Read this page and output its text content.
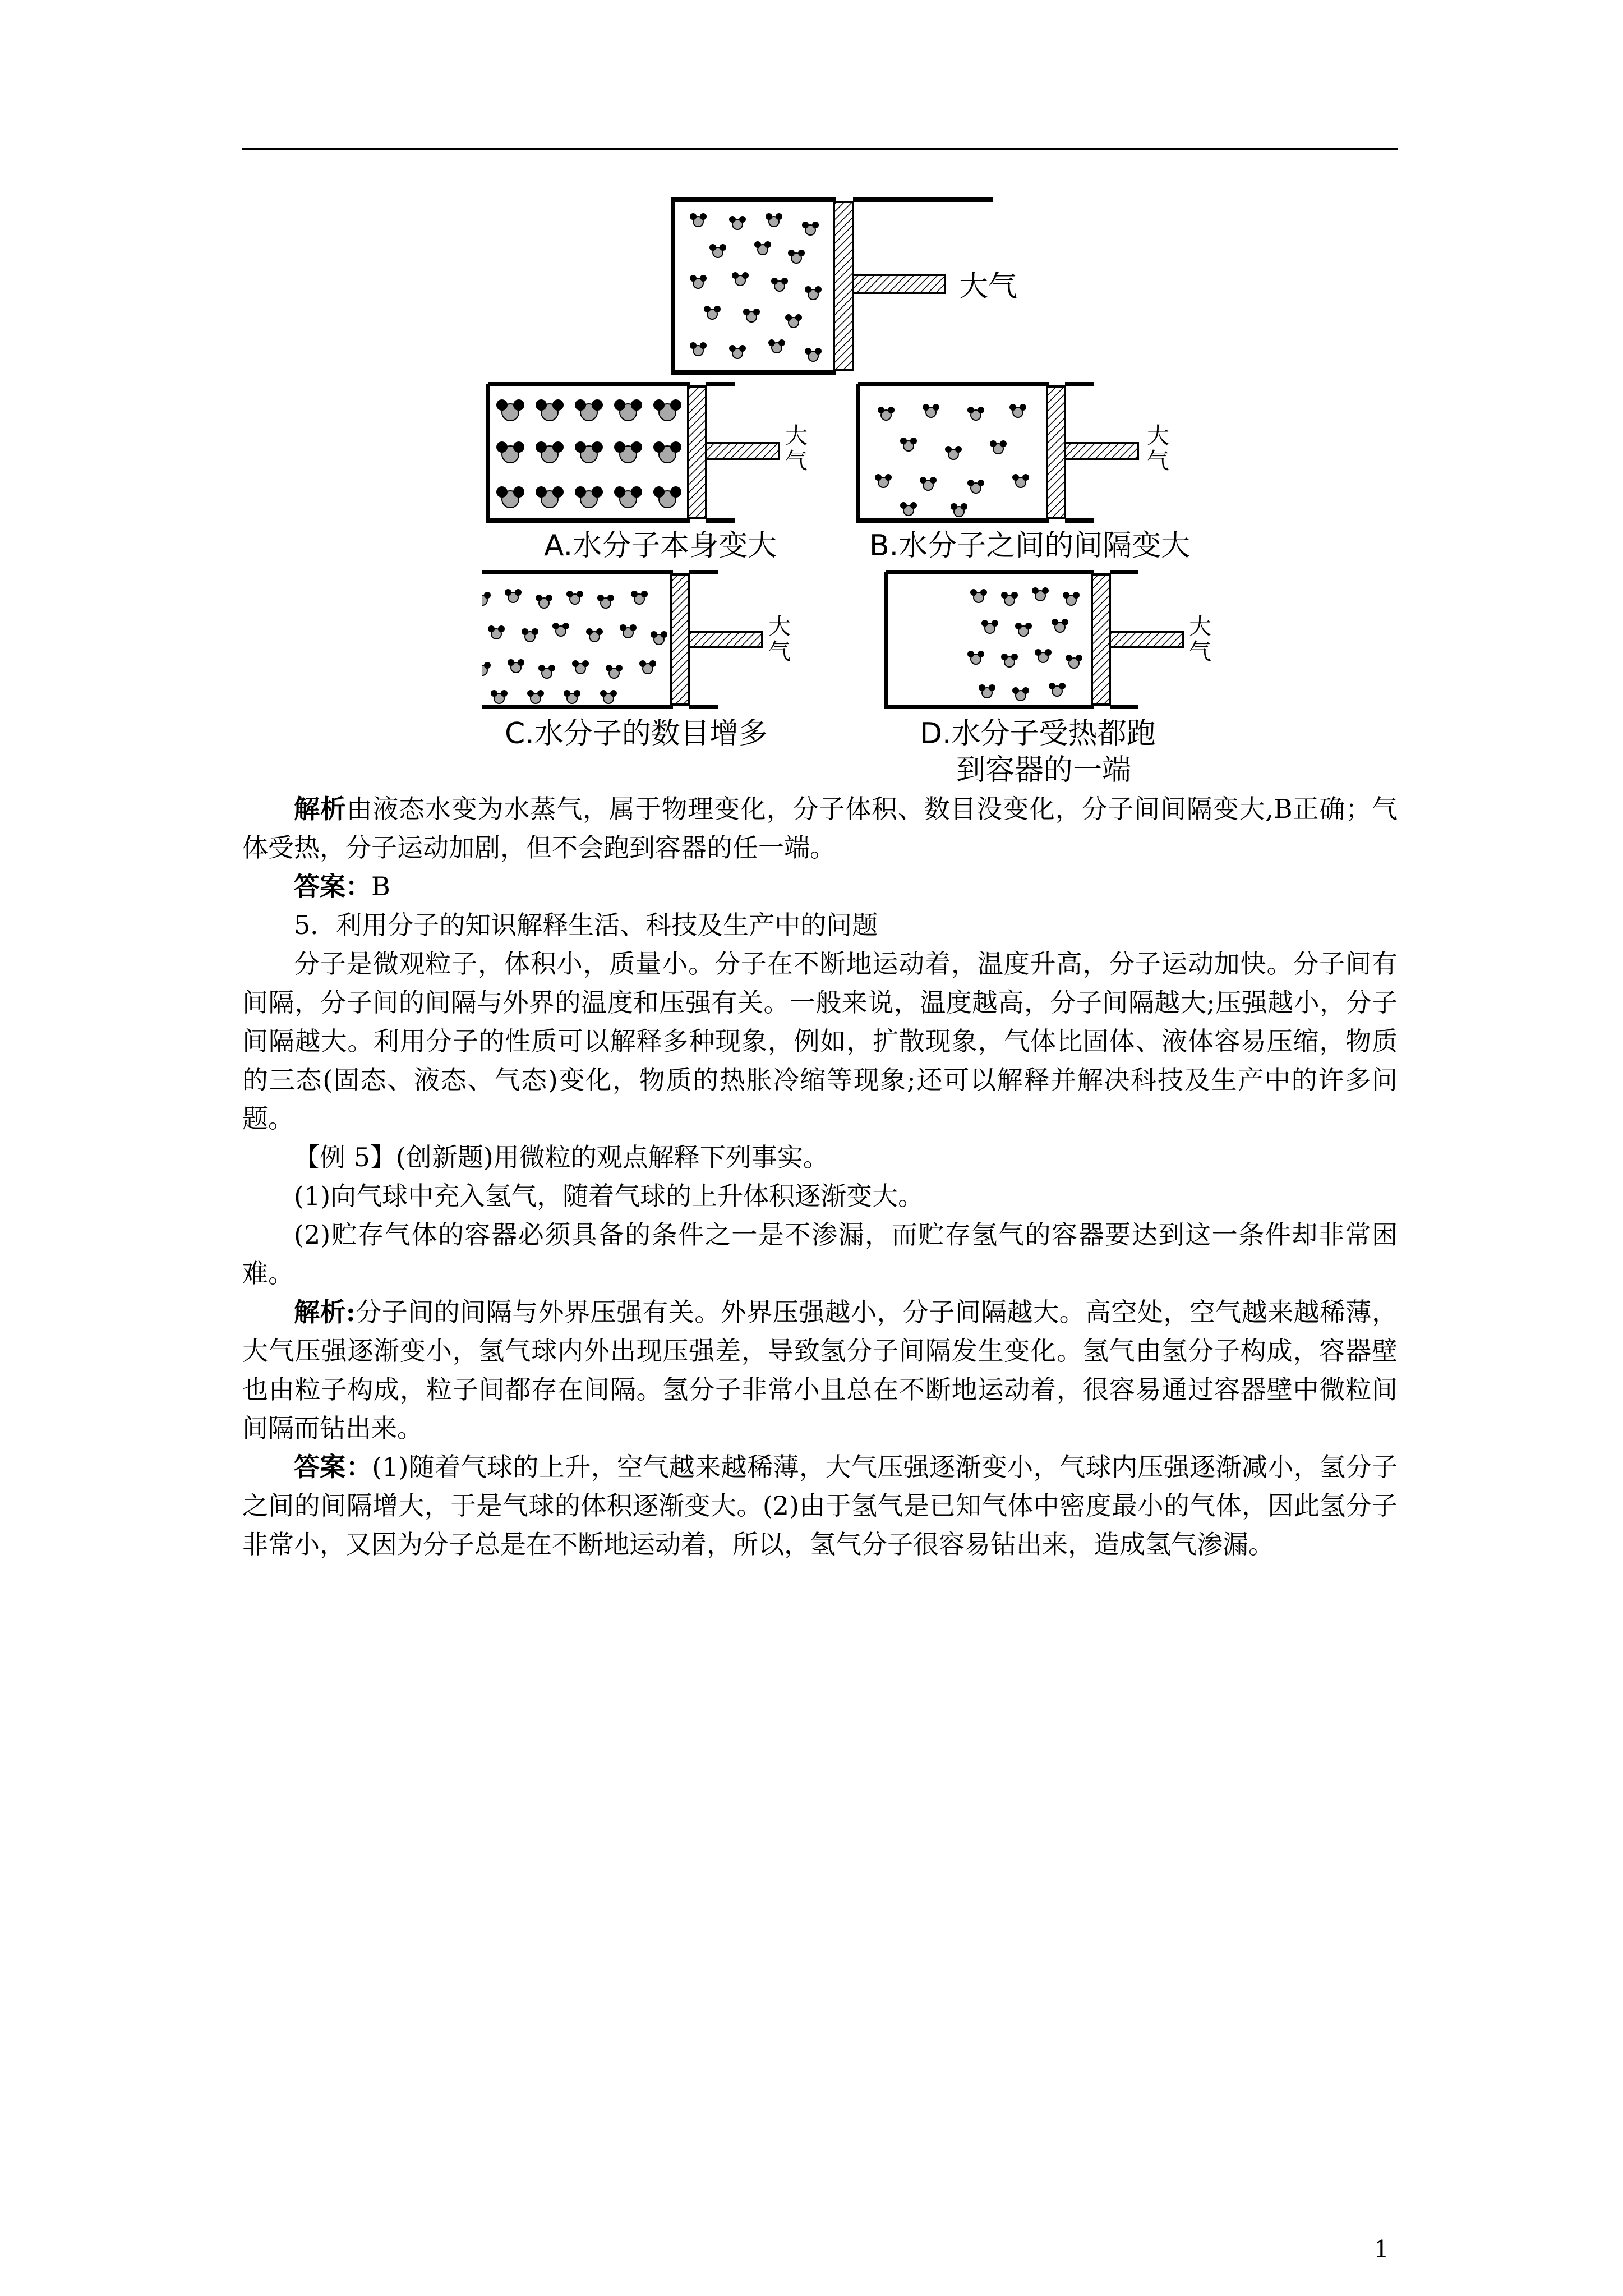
大气
大
气
A.水分子本身变大
大
气
B.水分子之间的间隔变大
大
气
C.水分子的数目增多
大
气
D.水分子受热都跑
到容器的一端

解析由液态水变为水蒸气，属于物理变化，分子体积、数目没变化，分子间间隔变大,B正确；气体受热，分子运动加剧，但不会跑到容器的任一端。

答案：B

5．利用分子的知识解释生活、科技及生产中的问题

分子是微观粒子，体积小，质量小。分子在不断地运动着，温度升高，分子运动加快。分子间有间隔，分子间的间隔与外界的温度和压强有关。一般来说，温度越高，分子间隔越大;压强越小，分子间隔越大。利用分子的性质可以解释多种现象，例如，扩散现象，气体比固体、液体容易压缩，物质的三态(固态、液态、气态)变化，物质的热胀冷缩等现象;还可以解释并解决科技及生产中的许多问题。

【例 5】(创新题)用微粒的观点解释下列事实。

(1)向气球中充入氢气，随着气球的上升体积逐渐变大。

(2)贮存气体的容器必须具备的条件之一是不渗漏，而贮存氢气的容器要达到这一条件却非常困难。

解析:分子间的间隔与外界压强有关。外界压强越小，分子间隔越大。高空处，空气越来越稀薄，大气压强逐渐变小，氢气球内外出现压强差，导致氢分子间隔发生变化。氢气由氢分子构成，容器壁也由粒子构成，粒子间都存在间隔。氢分子非常小且总在不断地运动着，很容易通过容器壁中微粒间间隔而钻出来。

答案：(1)随着气球的上升，空气越来越稀薄，大气压强逐渐变小，气球内压强逐渐减小，氢分子之间的间隔增大，于是气球的体积逐渐变大。(2)由于氢气是已知气体中密度最小的气体，因此氢分子非常小，又因为分子总是在不断地运动着，所以，氢气分子很容易钻出来，造成氢气渗漏。

1
